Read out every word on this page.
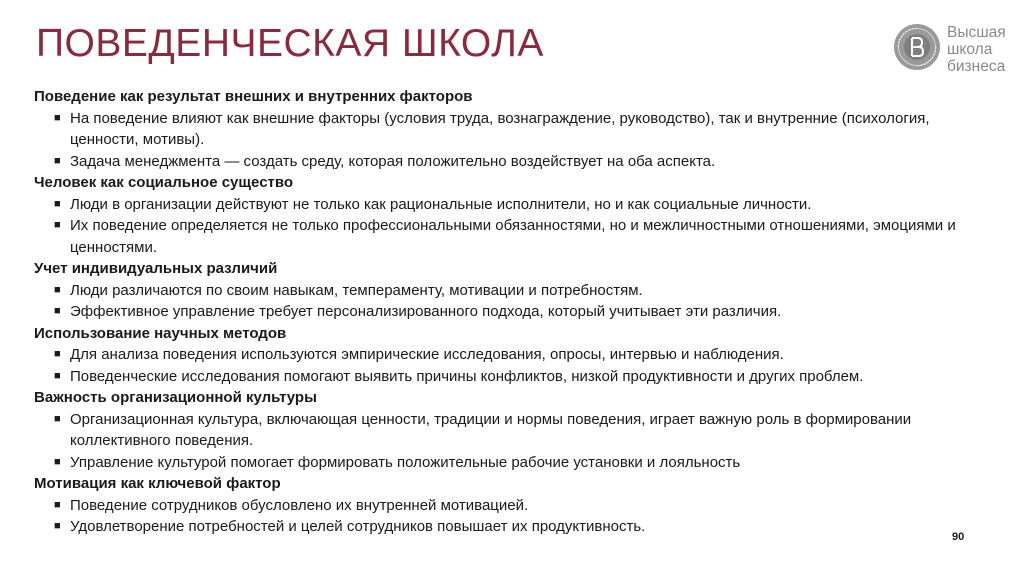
ПОВЕДЕНЧЕСКАЯ ШКОЛА	Высшая
школа
бизнеса
Поведение как результат внешних и внутренних факторов
■ На поведение влияют как внешние факторы (условия труда, вознаграждение, руководство), так и внутренние (психология, ценности, мотивы).
■ Задача менеджмента — создать среду, которая положительно воздействует на оба аспекта.
Человек как социальное существо
■ Люди в организации действуют не только как рациональные исполнители, но и как социальные личности.
■ Их поведение определяется не только профессиональными обязанностями, но и межличностными отношениями, эмоциями и ценностями.
Учет индивидуальных различий
■ Люди различаются по своим навыкам, темпераменту, мотивации и потребностям.
■ Эффективное управление требует персонализированного подхода, который учитывает эти различия.
Использование научных методов
■ Для анализа поведения используются эмпирические исследования, опросы, интервью и наблюдения.
■ Поведенческие исследования помогают выявить причины конфликтов, низкой продуктивности и других проблем.
Важность организационной культуры
■ Организационная культура, включающая ценности, традиции и нормы поведения, играет важную роль в формировании коллективного поведения.
■ Управление культурой помогает формировать положительные рабочие установки и лояльность
Мотивация как ключевой фактор
■ Поведение сотрудников обусловлено их внутренней мотивацией.
■ Удовлетворение потребностей и целей сотрудников повышает их продуктивность.
90
